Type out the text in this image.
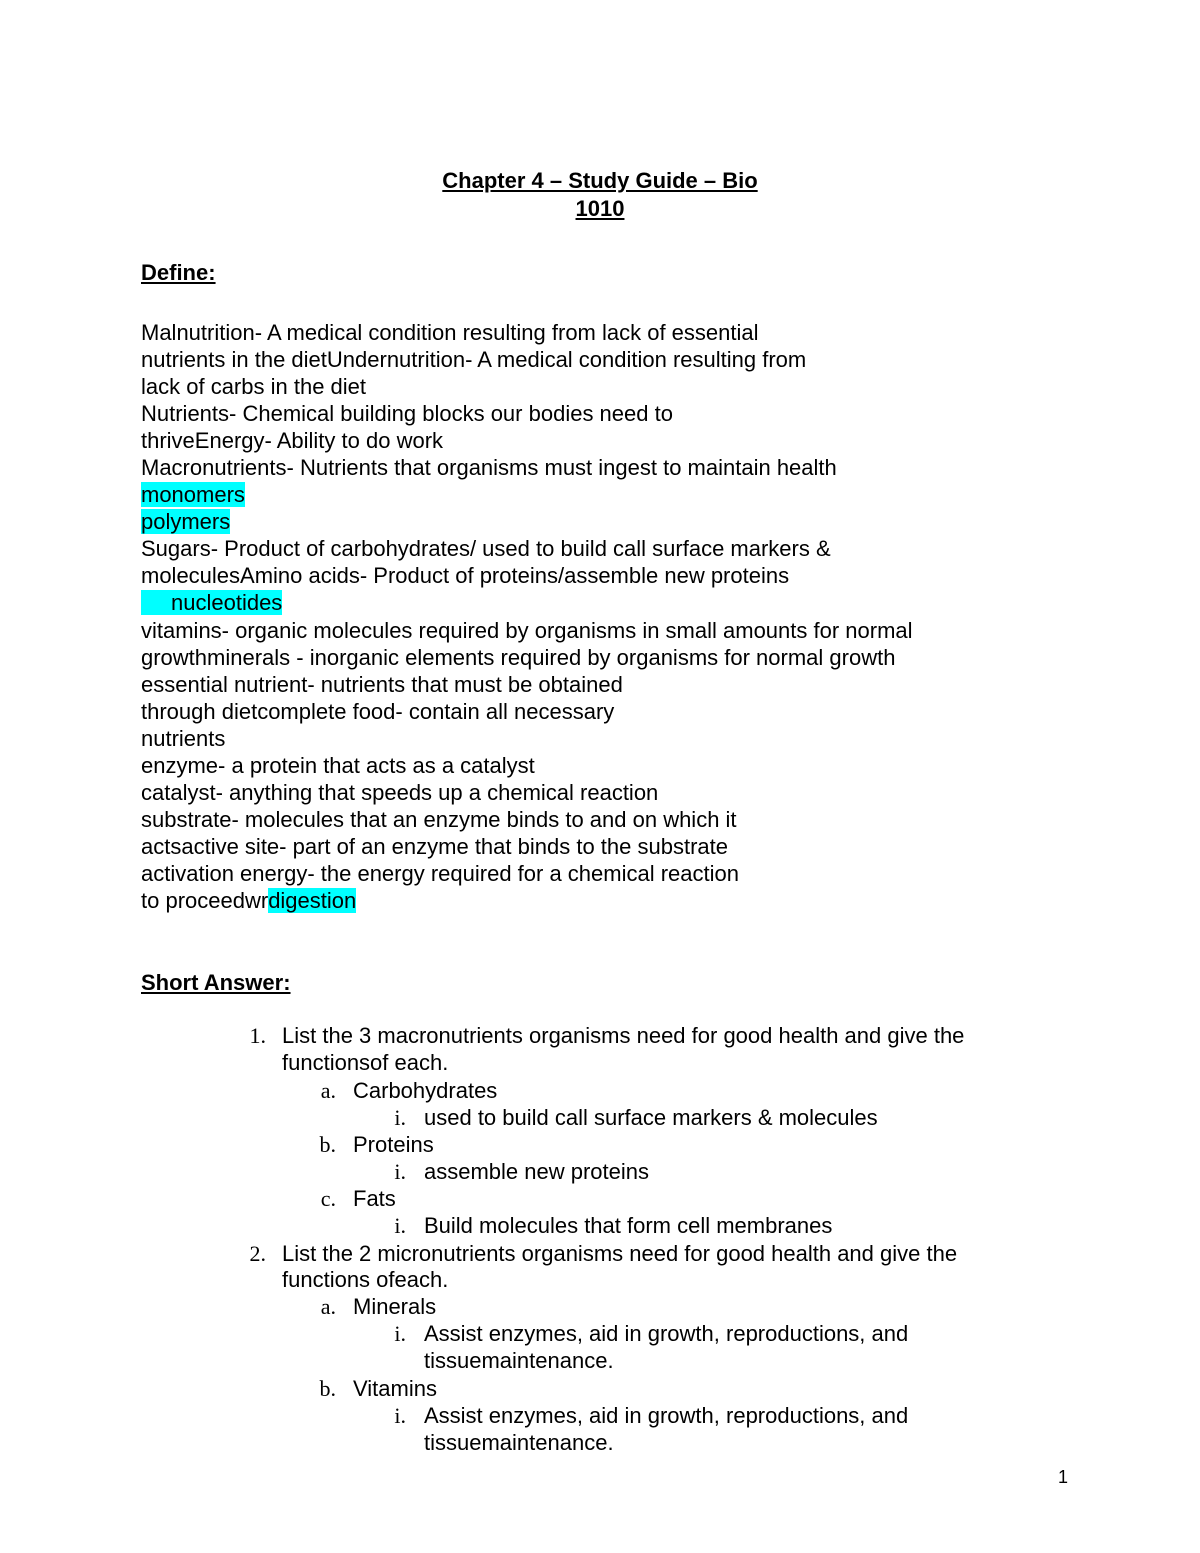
Chapter 4 – Study Guide – Bio
1010
Define:
Malnutrition- A medical condition resulting from lack of essential
nutrients in the dietUndernutrition- A medical condition resulting from
lack of carbs in the diet
Nutrients- Chemical building blocks our bodies need to
thriveEnergy- Ability to do work
Macronutrients- Nutrients that organisms must ingest to maintain health
monomers
polymers
Sugars- Product of carbohydrates/ used to build call surface markers &
moleculesAmino acids- Product of proteins/assemble new proteins
nucleotides
vitamins- organic molecules required by organisms in small amounts for normal
growthminerals - inorganic elements required by organisms for normal growth
essential nutrient- nutrients that must be obtained
through dietcomplete food- contain all necessary
nutrients
enzyme- a protein that acts as a catalyst
catalyst- anything that speeds up a chemical reaction
substrate- molecules that an enzyme binds to and on which it
actsactive site- part of an enzyme that binds to the substrate
activation energy- the energy required for a chemical reaction
to proceedwrdigestion
Short Answer:
1. List the 3 macronutrients organisms need for good health and give the
functionsof each.
a. Carbohydrates
i. used to build call surface markers & molecules
b. Proteins
i. assemble new proteins
c. Fats
i. Build molecules that form cell membranes
2. List the 2 micronutrients organisms need for good health and give the
functions ofeach.
a. Minerals
i. Assist enzymes, aid in growth, reproductions, and
tissuemaintenance.
b. Vitamins
i. Assist enzymes, aid in growth, reproductions, and
tissuemaintenance.
1
